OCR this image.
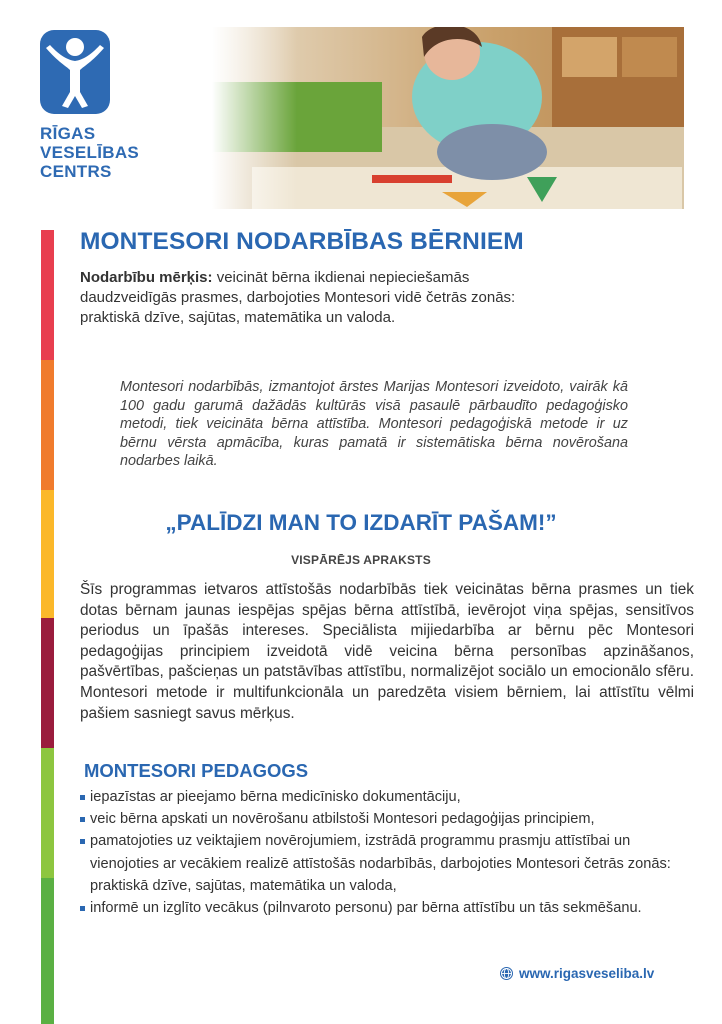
RĪGAS
VESELĪBAS
CENTRS
MONTESORI NODARBĪBAS BĒRNIEM
Nodarbību mērķis: veicināt bērna ikdienai nepieciešamās daudzveidīgās prasmes, darbojoties Montesori vidē četrās zonās: praktiskā dzīve, sajūtas, matemātika un valoda.
Montesori nodarbībās, izmantojot ārstes Marijas Montesori izveidoto, vairāk kā 100 gadu garumā dažādās kultūrās visā pasaulē pārbaudīto pedagoģisko metodi, tiek veicināta bērna attīstība. Montesori pedagoģiskā metode ir uz bērnu vērsta apmācība, kuras pamatā ir sistemātiska bērna novērošana nodarbes laikā.
„PALĪDZI MAN TO IZDARĪT PAŠAM!”
VISPĀRĒJS APRAKSTS
Šīs programmas ietvaros attīstošās nodarbībās tiek veicinātas bērna prasmes un tiek dotas bērnam jaunas iespējas spējas bērna attīstībā, ievērojot viņa spējas, sensitīvos periodus un īpašās intereses. Speciālista mijiedarbība ar bērnu pēc Montesori pedagoģijas principiem izveidotā vidē veicina bērna personības apzināšanos, pašvērtības, pašcieņas un patstāvības attīstību, normalizējot sociālo un emocionālo sfēru. Montesori metode ir multifunkcionāla un paredzēta visiem bērniem, lai attīstītu vēlmi pašiem sasniegt savus mērķus.
MONTESORI PEDAGOGS
iepazīstas ar pieejamo bērna medicīnisko dokumentāciju,
veic bērna apskati un novērošanu atbilstoši Montesori pedagoģijas principiem,
pamatojoties uz veiktajiem novērojumiem, izstrādā programmu prasmju attīstībai un vienojoties ar vecākiem realizē attīstošās nodarbībās, darbojoties Montesori četrās zonās: praktiskā dzīve, sajūtas, matemātika un valoda,
informē un izglīto vecākus (pilnvaroto personu) par bērna attīstību un tās sekmēšanu.
www.rigasveseliba.lv
